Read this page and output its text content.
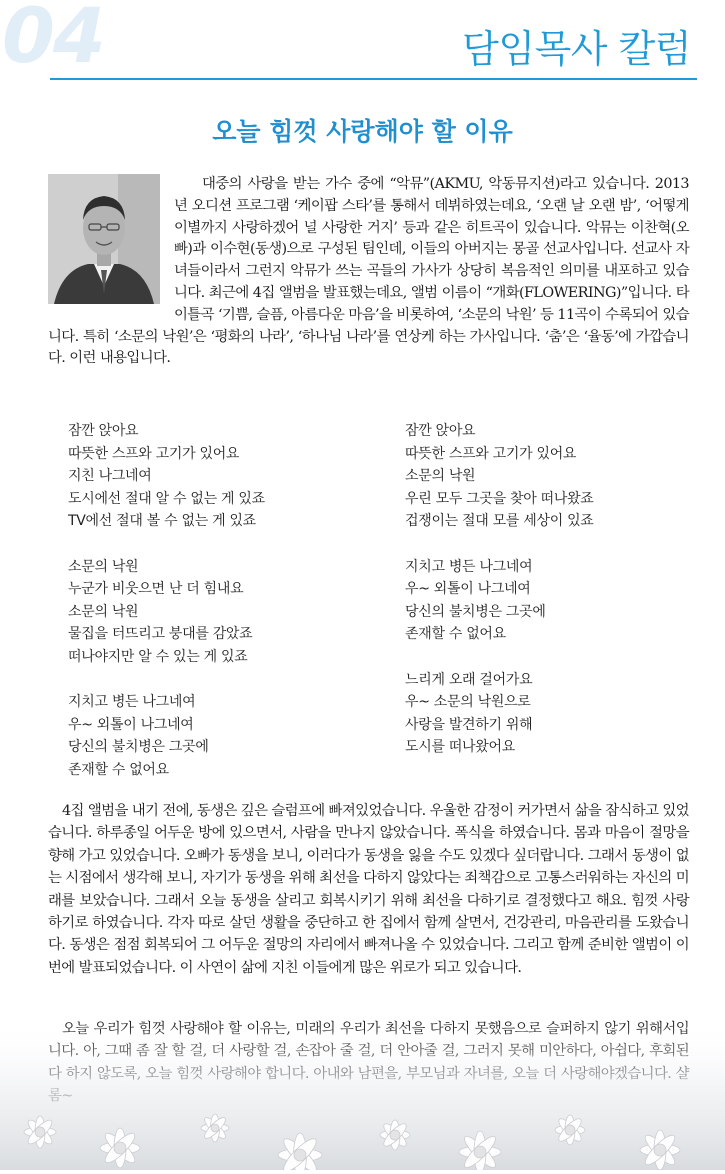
04	담임목사 칼럼
오늘 힘껏 사랑해야 할 이유

대중의 사랑을 받는 가수 중에 “악뮤”(AKMU, 악동뮤지션)라고 있습니다. 2013년 오디션 프로그램 ‘케이팝 스타’를 통해서 데뷔하였는데요, ‘오랜 날 오랜 밤’, ‘어떻게 이별까지 사랑하겠어 널 사랑한 거지’ 등과 같은 히트곡이 있습니다. 악뮤는 이찬혁(오빠)과 이수현(동생)으로 구성된 팀인데, 이들의 아버지는 몽골 선교사입니다. 선교사 자녀들이라서 그런지 악뮤가 쓰는 곡들의 가사가 상당히 복음적인 의미를 내포하고 있습니다. 최근에 4집 앨범을 발표했는데요, 앨범 이름이 “개화(FLOWERING)”입니다. 타이틀곡 ‘기쁨, 슬픔, 아름다운 마음’을 비롯하여, ‘소문의 낙원’ 등 11곡이 수록되어 있습니다. 특히 ‘소문의 낙원’은 ‘평화의 나라’, ‘하나님 나라’를 연상케 하는 가사입니다. ‘춤’은 ‘율동’에 가깝습니다. 이런 내용입니다.

잠깐 앉아요
따뜻한 스프와 고기가 있어요
지친 나그네여
도시에선 절대 알 수 없는 게 있죠
TV에선 절대 볼 수 없는 게 있죠
소문의 낙원
누군가 비웃으면 난 더 힘내요
소문의 낙원
물집을 터뜨리고 붕대를 감았죠
떠나야지만 알 수 있는 게 있죠
지치고 병든 나그네여
우~ 외톨이 나그네여
당신의 불치병은 그곳에
존재할 수 없어요
잠깐 앉아요
따뜻한 스프와 고기가 있어요
소문의 낙원
우린 모두 그곳을 찾아 떠나왔죠
겁쟁이는 절대 모를 세상이 있죠
지치고 병든 나그네여
우~ 외톨이 나그네여
당신의 불치병은 그곳에
존재할 수 없어요
느리게 오래 걸어가요
우~ 소문의 낙원으로
사랑을 발견하기 위해
도시를 떠나왔어요

4집 앨범을 내기 전에, 동생은 깊은 슬럼프에 빠져있었습니다. 우울한 감정이 커가면서 삶을 잠식하고 있었습니다. 하루종일 어두운 방에 있으면서, 사람을 만나지 않았습니다. 폭식을 하였습니다. 몸과 마음이 절망을 향해 가고 있었습니다. 오빠가 동생을 보니, 이러다가 동생을 잃을 수도 있겠다 싶더랍니다. 그래서 동생이 없는 시점에서 생각해 보니, 자기가 동생을 위해 최선을 다하지 않았다는 죄책감으로 고통스러워하는 자신의 미래를 보았습니다. 그래서 오늘 동생을 살리고 회복시키기 위해 최선을 다하기로 결정했다고 해요. 힘껏 사랑하기로 하였습니다. 각자 따로 살던 생활을 중단하고 한 집에서 함께 살면서, 건강관리, 마음관리를 도왔습니다. 동생은 점점 회복되어 그 어두운 절망의 자리에서 빠져나올 수 있었습니다. 그리고 함께 준비한 앨범이 이번에 발표되었습니다. 이 사연이 삶에 지친 이들에게 많은 위로가 되고 있습니다.
